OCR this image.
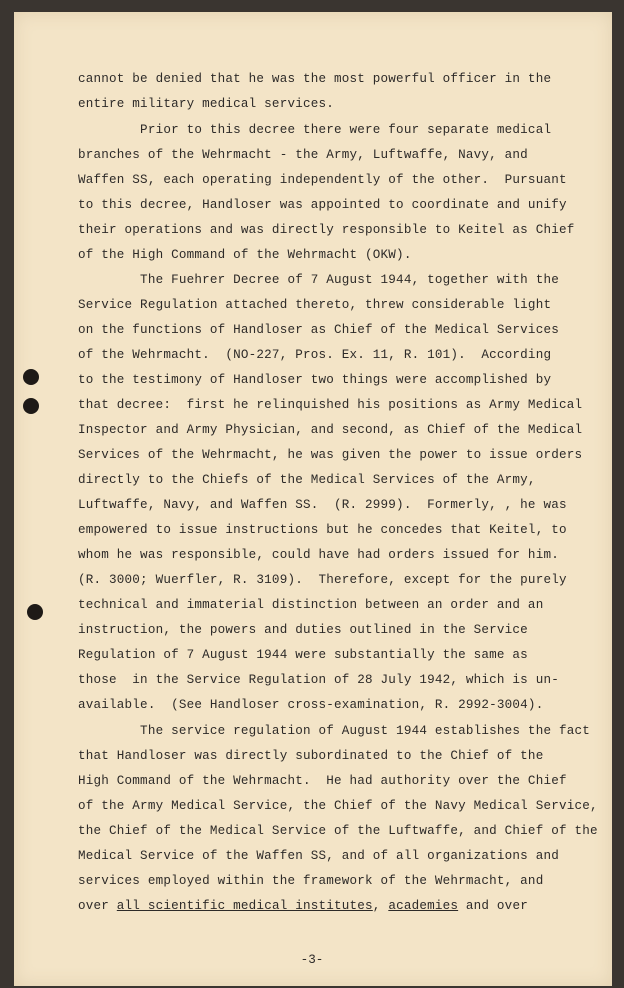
cannot be denied that he was the most powerful officer in the
entire military medical services.
Prior to this decree there were four separate medical
branches of the Wehrmacht - the Army, Luftwaffe, Navy, and
Waffen SS, each operating independently of the other.  Pursuant
to this decree, Handloser was appointed to coordinate and unify
their operations and was directly responsible to Keitel as Chief
of the High Command of the Wehrmacht (OKW).
The Fuehrer Decree of 7 August 1944, together with the
Service Regulation attached thereto, threw considerable light
on the functions of Handloser as Chief of the Medical Services
of the Wehrmacht.  (NO-227, Pros. Ex. 11, R. 101).  According
to the testimony of Handloser two things were accomplished by
that decree:  first he relinquished his positions as Army Medical
Inspector and Army Physician, and second, as Chief of the Medical
Services of the Wehrmacht, he was given the power to issue orders
directly to the Chiefs of the Medical Services of the Army,
Luftwaffe, Navy, and Waffen SS.  (R. 2999).  Formerly, , he was
empowered to issue instructions but he concedes that Keitel, to
whom he was responsible, could have had orders issued for him.
(R. 3000; Wuerfler, R. 3109).  Therefore, except for the purely
technical and immaterial distinction between an order and an
instruction, the powers and duties outlined in the Service
Regulation of 7 August 1944 were substantially the same as
those  in the Service Regulation of 28 July 1942, which is un-
available.  (See Handloser cross-examination, R. 2992-3004).
The service regulation of August 1944 establishes the fact
that Handloser was directly subordinated to the Chief of the
High Command of the Wehrmacht.  He had authority over the Chief
of the Army Medical Service, the Chief of the Navy Medical Service,
the Chief of the Medical Service of the Luftwaffe, and Chief of the
Medical Service of the Waffen SS, and of all organizations and
services employed within the framework of the Wehrmacht, and
over all scientific medical institutes, academies and over
-3-
